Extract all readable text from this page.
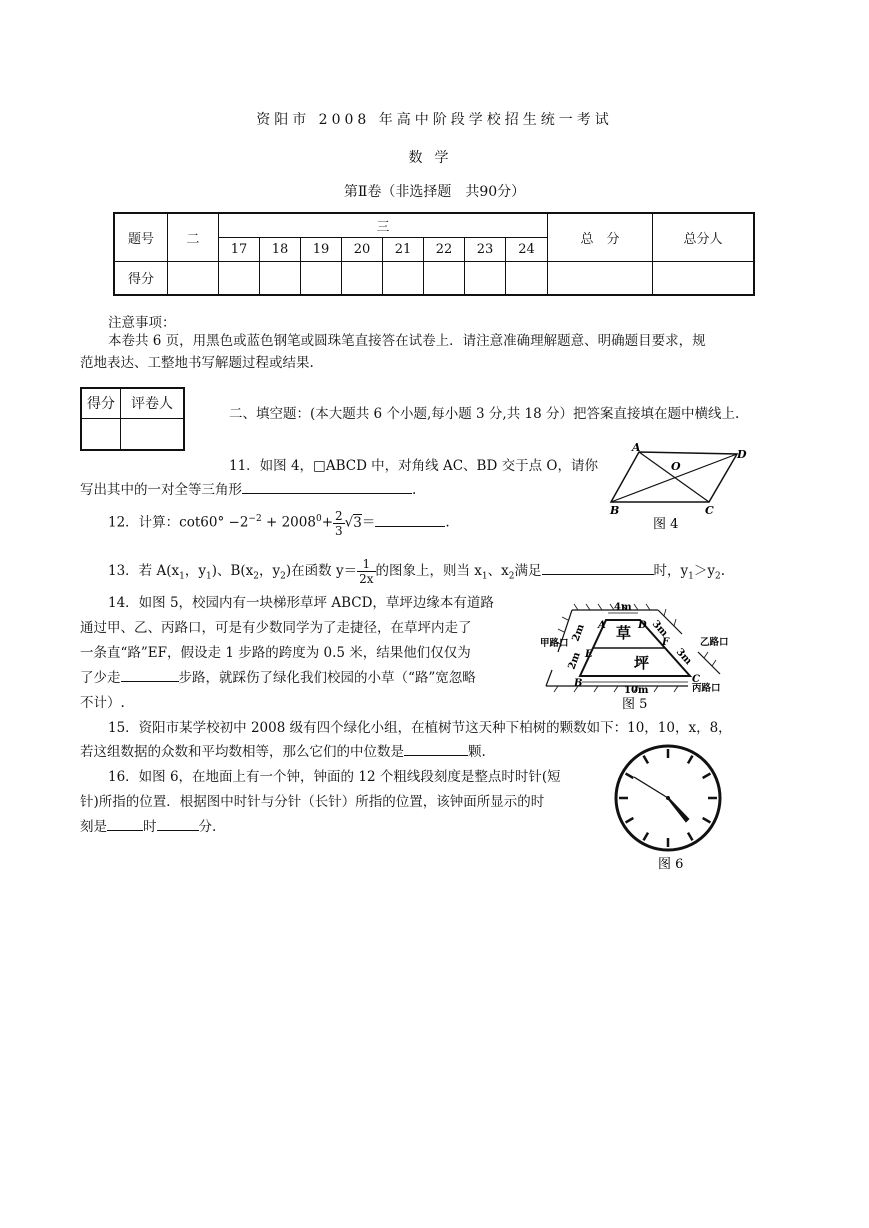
资阳市 2008 年高中阶段学校招生统一考试
数学
第Ⅱ卷（非选择题　共90分）
题号	二	三								总　分	总分人
		17	18	19	20	21	22	23	24		
得分											
注意事项：
本卷共 6 页，用黑色或蓝色钢笔或圆珠笔直接答在试卷上．请注意准确理解题意、明确题目要求，规
范地表达、工整地书写解题过程或结果.
得分	评卷人

二、填空题：(本大题共 6 个小题,每小题 3 分,共 18 分）把答案直接填在题中横线上.
11．如图 4，□ABCD 中，对角线 AC、BD 交于点 O，请你
写出其中的一对全等三角形	.
A
D
O
B	C
图 4
12．计算：$\cot 60^\circ -2^{-2} + 2008^0+ \frac{2}{3} √3=$	.
13．若 $A(x_1$，$y_1$)、$B(x_2$，$y_2$)在函数 $y= \frac{1}{2x}$ 的图象上，则当 $x_1$、$x_2$满足	时，$y_1>y_2$.
14．如图 5，校园内有一块梯形草坪 ABCD，草坪边缘本有道路
通过甲、乙、丙路口，可是有少数同学为了走捷径，在草坪内走了
一条直“路”EF，假设走 1 步路的跨度为 0.5 米，结果他们仅仅为
了少走	步路，就踩伤了绿化我们校园的小草（“路”宽忽略
不计）.
4m
10m
2m
2m
3m
3m
草
坪
A	D
E
F
B	C
甲路口	乙路口
丙路口
图 5
15．资阳市某学校初中 2008 级有四个绿化小组，在植树节这天种下柏树的颗数如下：10，10，x，8，
若这组数据的众数和平均数相等，那么它们的中位数是	颗.
16．如图 6，在地面上有一个钟，钟面的 12 个粗线段刻度是整点时时针(短
针)所指的位置．根据图中时针与分针（长针）所指的位置，该钟面所显示的时
刻是	时	分.
图 6
